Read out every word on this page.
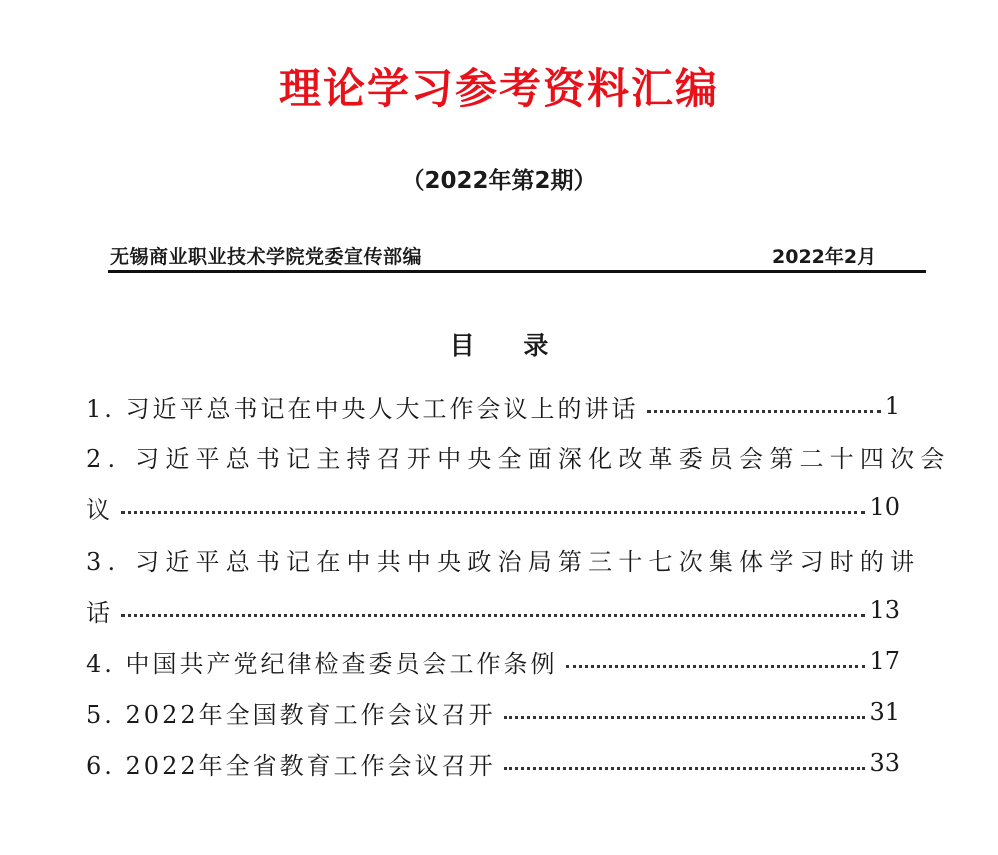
理论学习参考资料汇编
（2022年第2期）
无锡商业职业技术学院党委宣传部编	2022年2月
目 录
1. 习近平总书记在中央人大工作会议上的讲话	1
2. 习近平总书记主持召开中央全面深化改革委员会第二十四次会
议	10
3. 习近平总书记在中共中央政治局第三十七次集体学习时的讲
话	13
4. 中国共产党纪律检查委员会工作条例	17
5. 2022年全国教育工作会议召开	31
6. 2022年全省教育工作会议召开	33
